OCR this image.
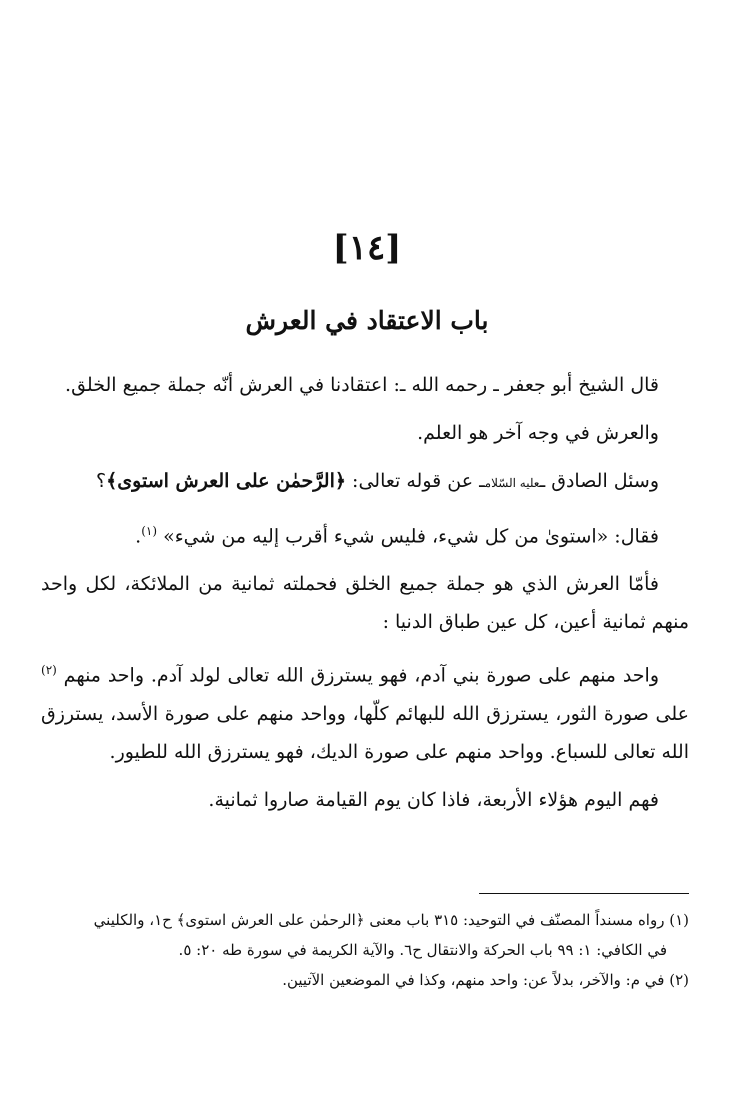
[١٤]
باب الاعتقاد في العرش

قال الشيخ أبو جعفر ـ رحمه الله ـ: اعتقادنا في العرش أنّه جملة جميع الخلق.

والعرش في وجه آخر هو العلم.

وسئل الصادق ـعليه السّلامـ عن قوله تعالى: ﴿الرَّحمٰن على العرش استوى﴾؟

فقال: «استوىٰ من كل شيء، فليس شيء أقرب إليه من شيء» $^{(١)}$.

فأمّا العرش الذي هو جملة جميع الخلق فحملته ثمانية من الملائكة، لكل واحد منهم ثمانية أعين، كل عين طباق الدنيا :

واحد منهم على صورة بني آدم، فهو يسترزق الله تعالى لولد آدم. واحد منهم $^{(٢)}$ على صورة الثور، يسترزق الله للبهائم كلّها، وواحد منهم على صورة الأسد، يسترزق الله تعالى للسباع. وواحد منهم على صورة الديك، فهو يسترزق الله للطيور.

فهم اليوم هؤلاء الأربعة، فاذا كان يوم القيامة صاروا ثمانية.

(١) رواه مسنداً المصنّف في التوحيد: ٣١٥ باب معنى ﴿الرحمٰن على العرش استوى﴾ ح١، والكليني

في الكافي: ١: ٩٩ باب الحركة والانتقال ح٦. والآية الكريمة في سورة طه ٢٠: ٥.

(٢) في م: والآخر، بدلاً عن: واحد منهم، وكذا في الموضعين الآتيين.
